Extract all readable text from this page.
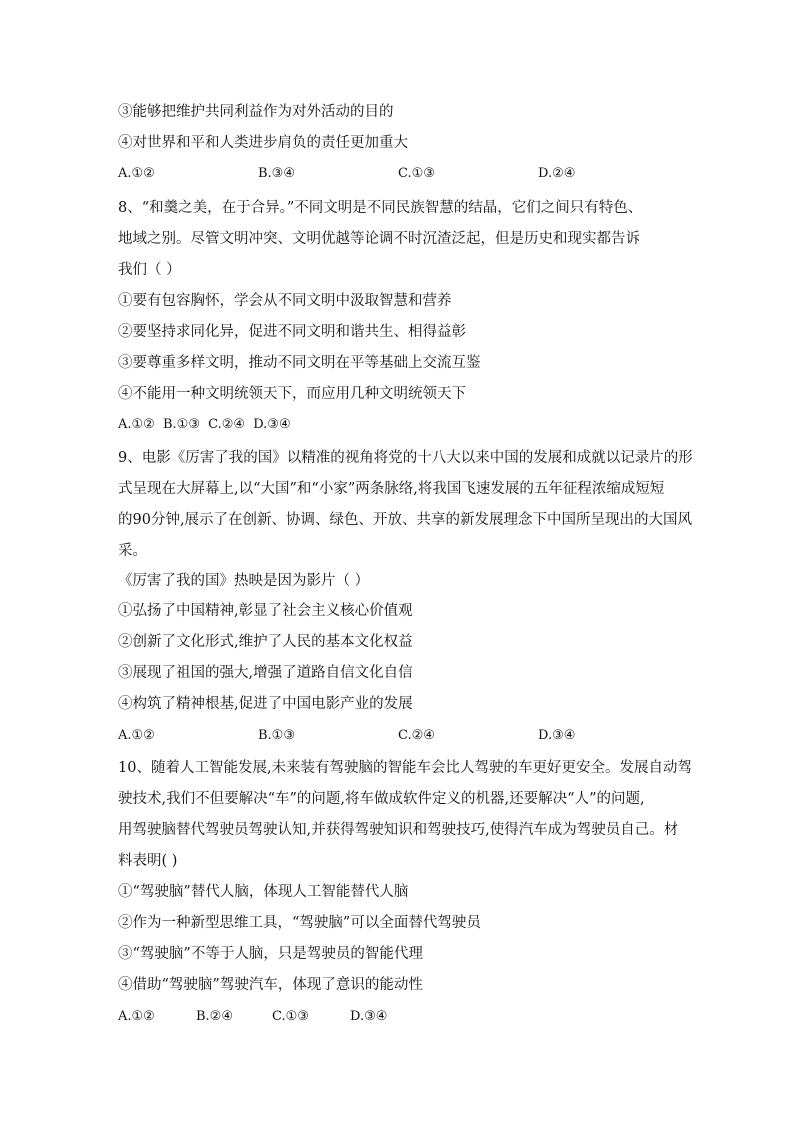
③能够把维护共同利益作为对外活动的目的
④对世界和平和人类进步肩负的责任更加重大
A.①②	B.③④	C.①③	D.②④
8、“和羹之美，在于合异。”不同文明是不同民族智慧的结晶，它们之间只有特色、
地域之别。尽管文明冲突、文明优越等论调不时沉渣泛起，但是历史和现实都告诉
我们（ ）
①要有包容胸怀，学会从不同文明中汲取智慧和营养
②要坚持求同化异，促进不同文明和谐共生、相得益彰
③要尊重多样文明，推动不同文明在平等基础上交流互鉴
④不能用一种文明统领天下，而应用几种文明统领天下
A.①② B.①③ C.②④ D.③④
9、电影《厉害了我的国》以精准的视角将党的十八大以来中国的发展和成就以记录片的形
式呈现在大屏幕上,以“大国”和“小家”两条脉络,将我国飞速发展的五年征程浓缩成短短
的90分钟,展示了在创新、协调、绿色、开放、共享的新发展理念下中国所呈现出的大国风
采。
《厉害了我的国》热映是因为影片（ ）
①弘扬了中国精神,彰显了社会主义核心价值观
②创新了文化形式,维护了人民的基本文化权益
③展现了祖国的强大,增强了道路自信文化自信
④构筑了精神根基,促进了中国电影产业的发展
A.①②	B.①③	C.②④	D.③④
10、随着人工智能发展,未来装有驾驶脑的智能车会比人驾驶的车更好更安全。发展自动驾
驶技术,我们不但要解决“车”的问题,将车做成软件定义的机器,还要解决“人”的问题,
用驾驶脑替代驾驶员驾驶认知,并获得驾驶知识和驾驶技巧,使得汽车成为驾驶员自己。材
料表明( )
①“驾驶脑”替代人脑，体现人工智能替代人脑
②作为一种新型思维工具，“驾驶脑”可以全面替代驾驶员
③“驾驶脑”不等于人脑，只是驾驶员的智能代理
④借助“驾驶脑”驾驶汽车，体现了意识的能动性
A.①②	B.②④	C.①③	D.③④
